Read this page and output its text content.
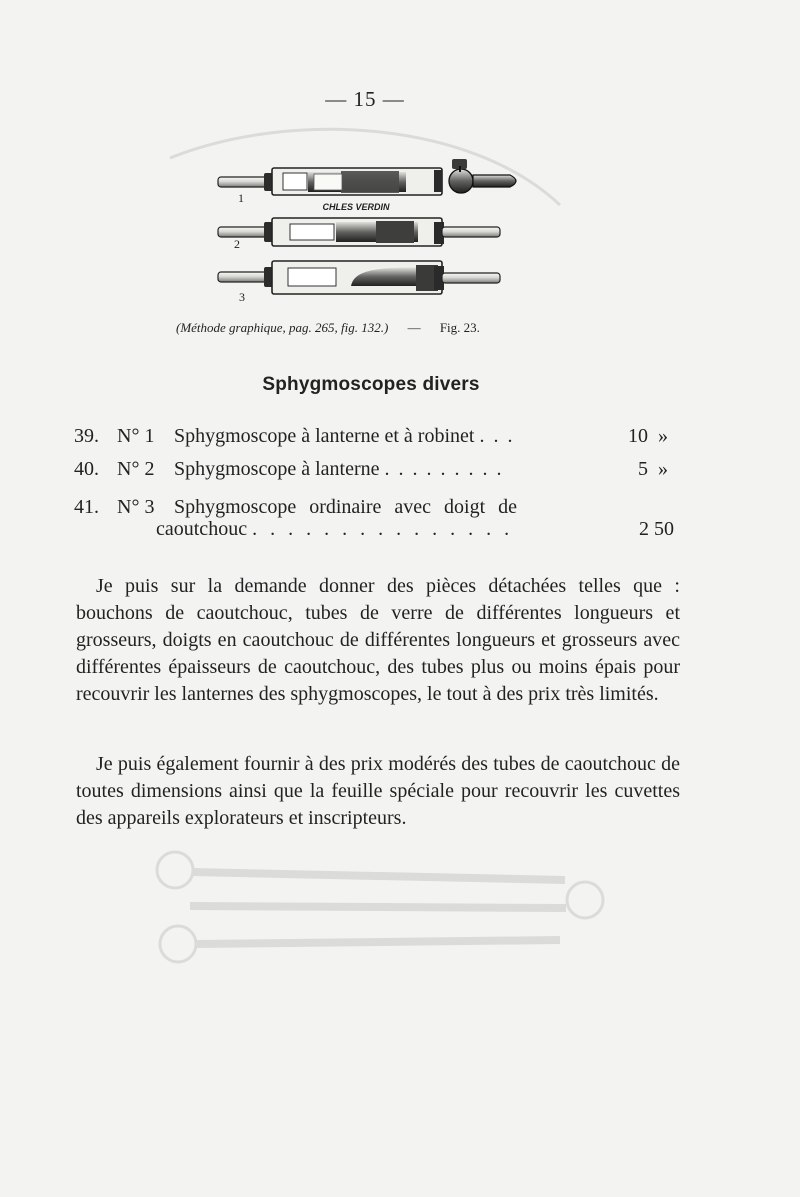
— 15 —
CHLES VERDIN
1
2
3
(Méthode graphique, pag. 265, fig. 132.) — Fig. 23.
Sphygmoscopes divers
39. N° 1 Sphygmoscope à lanterne et à robinet . . .	10 »
40. N° 2 Sphygmoscope à lanterne . . . . . . . . .	5 »
41. N° 3 Sphygmoscope ordinaire avec doigt de
caoutchouc . . . . . . . . . . . . . . .	2 50
Je puis sur la demande donner des pièces détachées telles que : bouchons de caoutchouc, tubes de verre de différentes longueurs et grosseurs, doigts en caoutchouc de différentes longueurs et grosseurs avec différentes épaisseurs de caoutchouc, des tubes plus ou moins épais pour recouvrir les lanternes des sphygmoscopes, le tout à des prix très limités.
Je puis également fournir à des prix modérés des tubes de caoutchouc de toutes dimensions ainsi que la feuille spéciale pour recouvrir les cuvettes des appareils explorateurs et inscripteurs.
